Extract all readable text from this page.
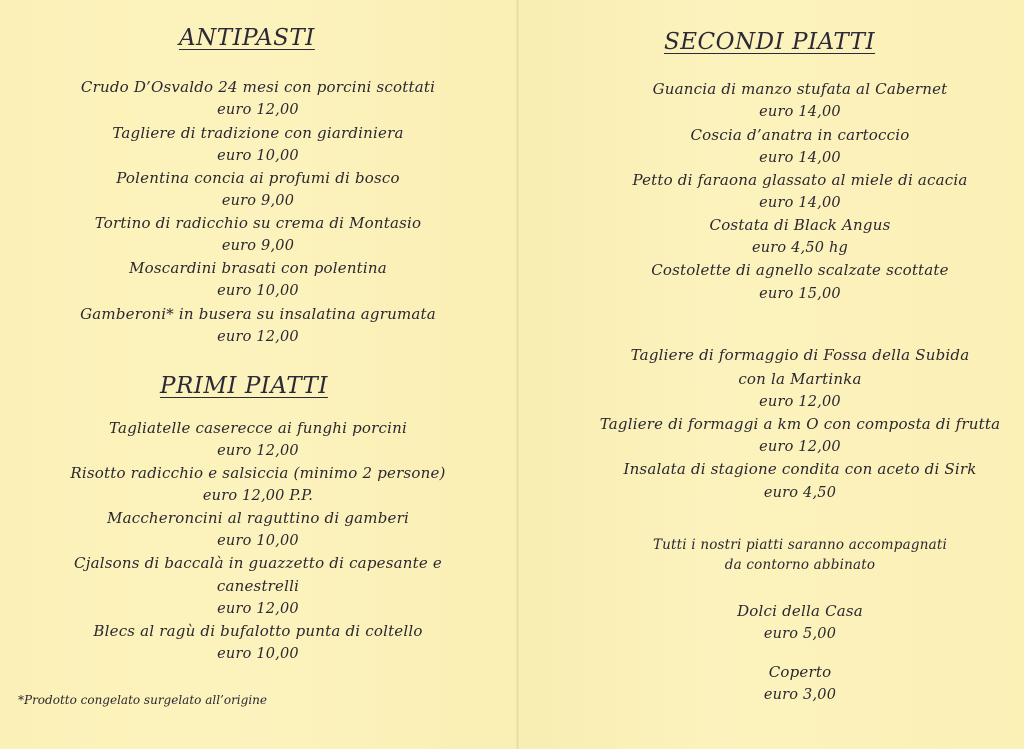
ANTIPASTI
Crudo D’Osvaldo 24 mesi con porcini scottati
euro 12,00
Tagliere di tradizione con giardiniera
euro 10,00
Polentina concia ai profumi di bosco
euro 9,00
Tortino di radicchio su crema di Montasio
euro 9,00
Moscardini brasati con polentina
euro 10,00
Gamberoni* in busera su insalatina agrumata
euro 12,00
PRIMI PIATTI
Tagliatelle caserecce ai funghi porcini
euro 12,00
Risotto radicchio e salsiccia (minimo 2 persone)
euro 12,00 P.P.
Maccheroncini al raguttino di gamberi
euro 10,00
Cjalsons di baccalà in guazzetto di capesante e
canestrelli
euro 12,00
Blecs al ragù di bufalotto punta di coltello
euro 10,00
*Prodotto congelato surgelato all’origine
SECONDI PIATTI
Guancia di manzo stufata al Cabernet
euro 14,00
Coscia d’anatra in cartoccio
euro 14,00
Petto di faraona glassato al miele di acacia
euro 14,00
Costata di Black Angus
euro 4,50 hg
Costolette di agnello scalzate scottate
euro 15,00
Tagliere di formaggio di Fossa della Subida
con la Martinka
euro 12,00
Tagliere di formaggi a km O con composta di frutta
euro 12,00
Insalata di stagione condita con aceto di Sirk
euro 4,50
Tutti i nostri piatti saranno accompagnati
da contorno abbinato
Dolci della Casa
euro 5,00
Coperto
euro 3,00
